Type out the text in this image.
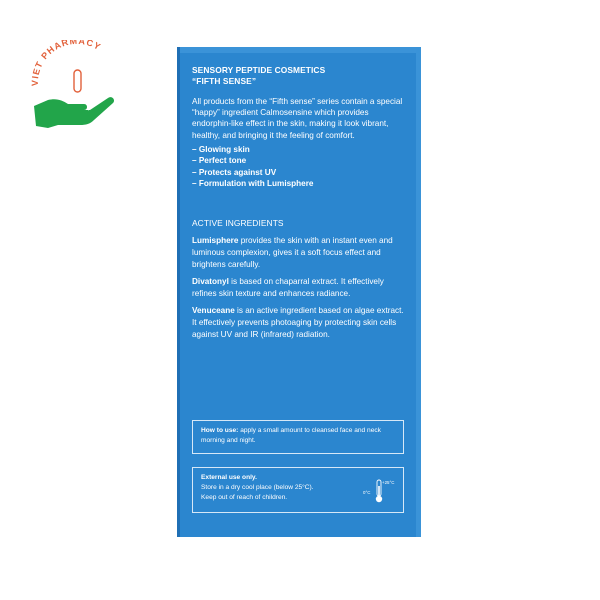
VIET PHARMACY
SENSORY PEPTIDE COSMETICS
“FIFTH SENSE”
All products from the “Fifth sense” series contain a special “happy” ingredient Calmosensine which provides endorphin-like effect in the skin, making it look vibrant, healthy, and bringing it the feeling of comfort.
– Glowing skin
– Perfect tone
– Protects against UV
– Formulation with Lumisphere
ACTIVE INGREDIENTS
Lumisphere provides the skin with an instant even and luminous complexion, gives it a soft focus effect and brightens carefully.
Divatonyl is based on chaparral extract. It effectively refines skin texture and enhances radiance.
Venuceane is an active ingredient based on algae extract. It effectively prevents photoaging by protecting skin cells against UV and IR (infrared) radiation.
How to use: apply a small amount to cleansed face and neck morning and night.
External use only.
Store in a dry cool place (below 25°C).
Keep out of reach of children.
0°C
+25°C
